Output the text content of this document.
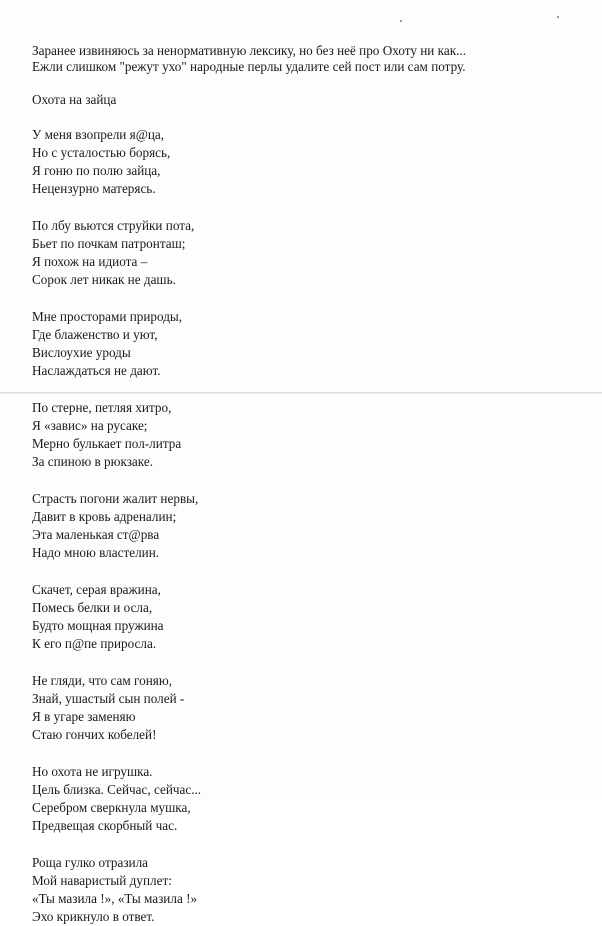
Заранее извиняюсь за ненормативную лексику, но без неё про Охоту ни как...
Ежли слишком "режут ухо" народные перлы удалите сей пост или сам потру.
Охота на зайца
У меня взопрели я@ца,
Но с усталостью борясь,
Я гоню по полю зайца,
Нецензурно матерясь.
По лбу вьются струйки пота,
Бьет по почкам патронташ;
Я похож на идиота –
Сорок лет никак не дашь.
Мне просторами природы,
Где блаженство и уют,
Вислоухие уроды
Наслаждаться не дают.
По стерне, петляя хитро,
Я «завис» на русаке;
Мерно булькает пол-литра
За спиною в рюкзаке.
Страсть погони жалит нервы,
Давит в кровь адреналин;
Эта маленькая ст@рва
Надо мною властелин.
Скачет, серая вражина,
Помесь белки и осла,
Будто мощная пружина
К его п@пе приросла.
Не гляди, что сам гоняю,
Знай, ушастый сын полей -
Я в угаре заменяю
Стаю гончих кобелей!
Но охота не игрушка.
Цель близка. Сейчас, сейчас...
Серебром сверкнула мушка,
Предвещая скорбный час.
Роща гулко отразила
Мой наваристый дуплет:
«Ты мазила !», «Ты мазила !»
Эхо крикнуло в ответ.
